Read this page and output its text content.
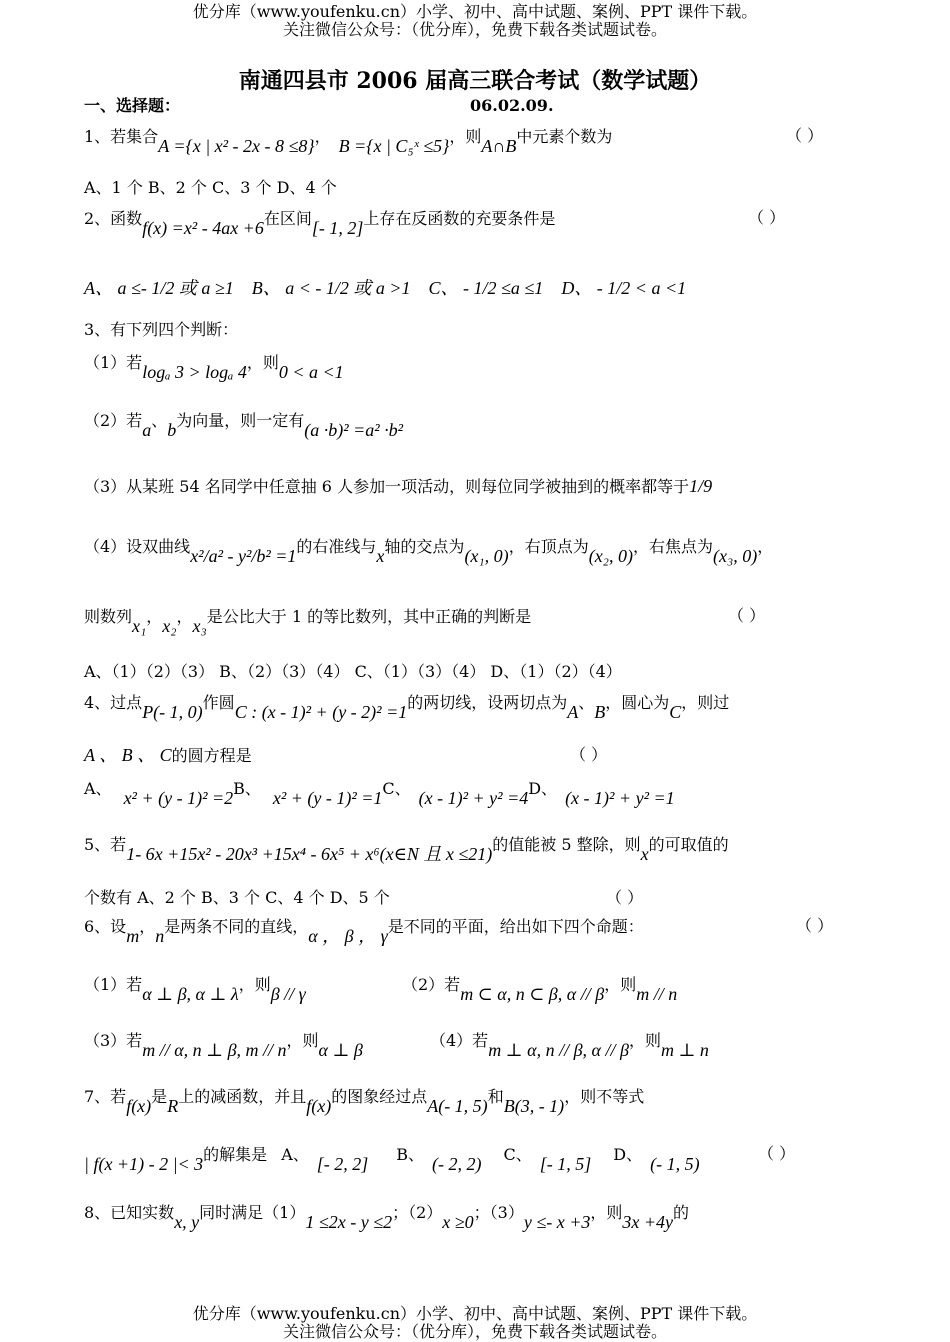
优分库（www.youfenku.cn）小学、初中、高中试题、案例、PPT 课件下载。
关注微信公众号：（优分库），免费下载各类试题试卷。
南通四县市 2006 届高三联合考试（数学试题）
一、选择题：	06.02.09.
1、若集合A ={x | x² - 2x - 8 ≤8}， B ={x | C₅ˣ ≤5}，则A∩B中元素个数为	（ ）
A、1 个 B、2 个 C、3 个 D、4 个
2、函数f(x) =x² - 4ax +6在区间[- 1, 2]上存在反函数的充要条件是	（ ）
A、 a ≤- 1/2 或 a ≥1 B、 a < - 1/2 或 a >1 C、 - 1/2 ≤a ≤1 D、 - 1/2 < a <1
3、有下列四个判断：
（1）若logₐ 3 > logₐ 4，则0 < a <1
（2）若a、b为向量，则一定有(a ·b)² =a² ·b²
（3）从某班 54 名同学中任意抽 6 人参加一项活动，则每位同学被抽到的概率都等于1/9
（4）设双曲线x²/a² - y²/b² =1的右准线与x轴的交点为(x₁, 0)，右顶点为(x₂, 0)，右焦点为(x₃, 0)，
则数列x₁，x₂，x₃是公比大于 1 的等比数列，其中正确的判断是	（ ）
A、（1）（2）（3） B、（2）（3）（4） C、（1）（3）（4） D、（1）（2）（4）
4、过点P(- 1, 0)作圆C : (x - 1)² + (y - 2)² =1的两切线，设两切点为A、B，圆心为C，则过
A 、 B 、 C的圆方程是	（ ）
A、 x² + (y - 1)² =2B、 x² + (y - 1)² =1C、 (x - 1)² + y² =4D、 (x - 1)² + y² =1
5、若1- 6x +15x² - 20x³ +15x⁴ - 6x⁵ + x⁶(x∈N 且 x ≤21)的值能被 5 整除，则x的可取值的
个数有 A、2 个 B、3 个 C、4 个 D、5 个	（ ）
6、设m，n是两条不同的直线，α ， β ， γ是不同的平面，给出如下四个命题：	（ ）
（1）若α ⊥ β, α ⊥ λ，则β // γ	（2）若m ⊂ α, n ⊂ β, α // β，则m // n
（3）若m // α, n ⊥ β, m // n，则α ⊥ β	（4）若m ⊥ α, n // β, α // β，则m ⊥ n
7、若f(x)是R上的减函数，并且f(x)的图象经过点A(- 1, 5)和B(3, - 1)，则不等式
| f(x +1) - 2 |< 3的解集是 A、 [- 2, 2] B、 (- 2, 2) C、 [- 1, 5] D、 (- 1, 5)
（ ）
8、已知实数x, y同时满足（1）1 ≤2x - y ≤2；（2）x ≥0；（3）y ≤- x +3，则3x +4y的
优分库（www.youfenku.cn）小学、初中、高中试题、案例、PPT 课件下载。
关注微信公众号：（优分库），免费下载各类试题试卷。
